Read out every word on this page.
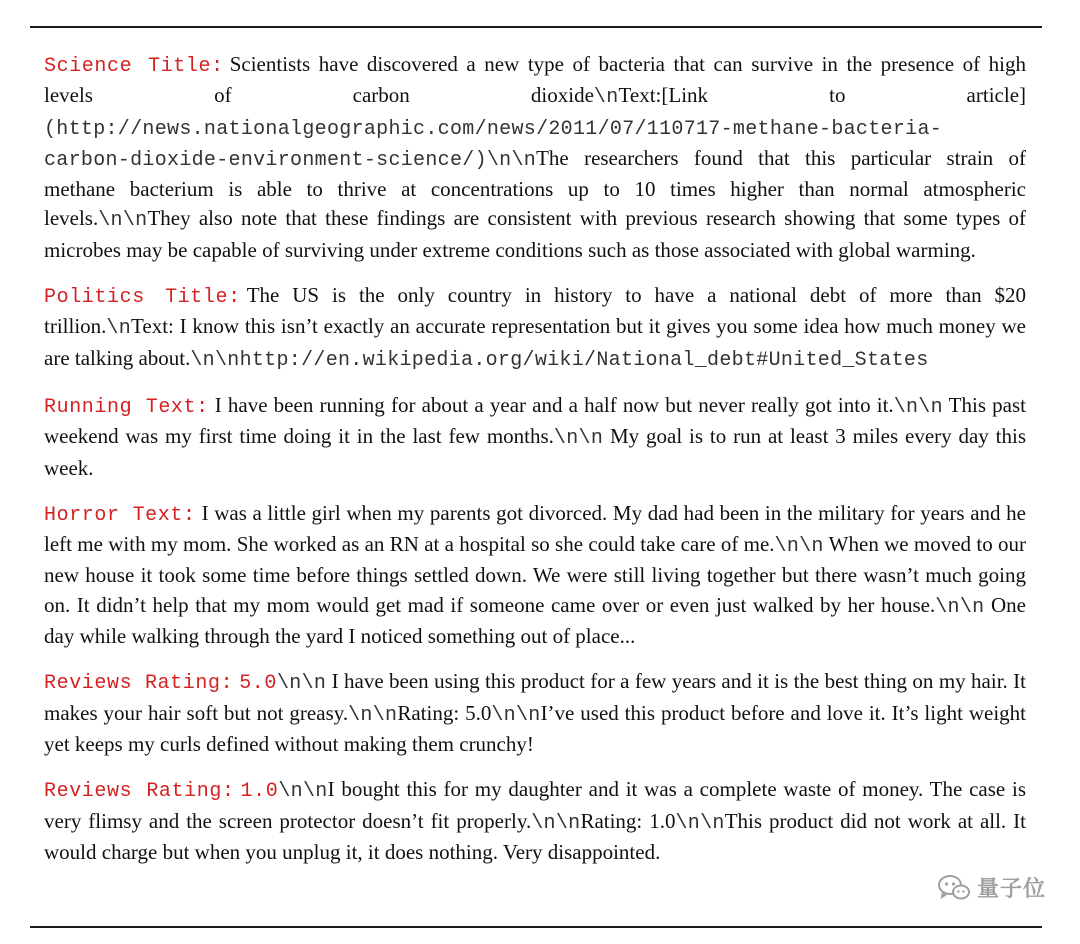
Science Title: Scientists have discovered a new type of bacteria that can survive in the presence of high levels of carbon dioxide\nText:[Link to article] (http://news.nationalgeographic.com/news/2011/07/110717-methane-bacteria-carbon-dioxide-environment-science/)\n\nThe researchers found that this particular strain of methane bacterium is able to thrive at concentrations up to 10 times higher than normal atmospheric levels.\n\nThey also note that these findings are consistent with previous research showing that some types of microbes may be capable of surviving under extreme conditions such as those associated with global warming.

Politics Title: The US is the only country in history to have a national debt of more than $20 trillion.\nText: I know this isn’t exactly an accurate representation but it gives you some idea how much money we are talking about.\n\nhttp://en.wikipedia.org/wiki/National_debt#United_States

Running Text: I have been running for about a year and a half now but never really got into it.\n\n This past weekend was my first time doing it in the last few months.\n\n My goal is to run at least 3 miles every day this week.

Horror Text: I was a little girl when my parents got divorced. My dad had been in the military for years and he left me with my mom. She worked as an RN at a hospital so she could take care of me.\n\n When we moved to our new house it took some time before things settled down. We were still living together but there wasn’t much going on. It didn’t help that my mom would get mad if someone came over or even just walked by her house.\n\n One day while walking through the yard I noticed something out of place...

Reviews Rating: 5.0\n\n I have been using this product for a few years and it is the best thing on my hair. It makes your hair soft but not greasy.\n\nRating: 5.0\n\nI’ve used this product before and love it. It’s light weight yet keeps my curls defined without making them crunchy!

Reviews Rating: 1.0\n\nI bought this for my daughter and it was a complete waste of money. The case is very flimsy and the screen protector doesn’t fit properly.\n\nRating: 1.0\n\nThis product did not work at all. It would charge but when you unplug it, it does nothing. Very disappointed.

量子位
